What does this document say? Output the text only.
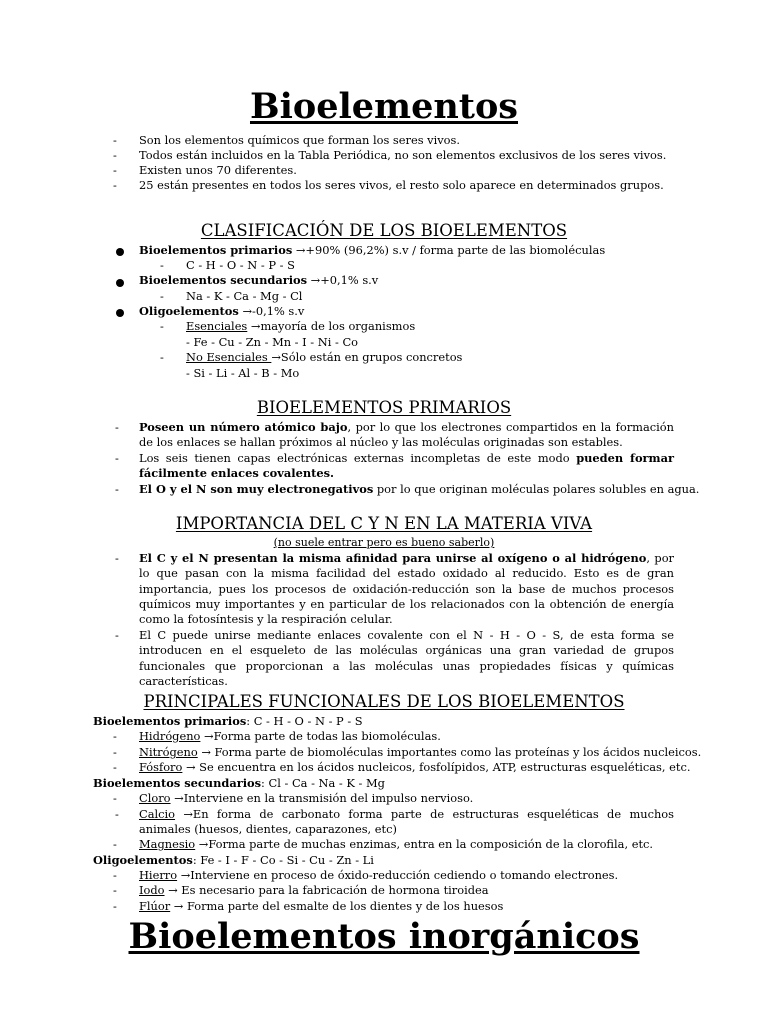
Bioelementos
- Son los elementos químicos que forman los seres vivos.
- Todos están incluidos en la Tabla Periódica, no son elementos exclusivos de los seres vivos.
- Existen unos 70 diferentes.
- 25 están presentes en todos los seres vivos, el resto solo aparece en determinados grupos.
CLASIFICACIÓN DE LOS BIOELEMENTOS
Bioelementos primarios →+90% (96,2%) s.v / forma parte de las biomoléculas
- C - H - O - N - P - S
Bioelementos secundarios →+0,1% s.v
- Na - K - Ca - Mg - Cl
Oligoelementos →-0,1% s.v
- Esenciales →mayoría de los organismos
- Fe - Cu - Zn - Mn - I - Ni - Co
- No Esenciales →Sólo están en grupos concretos
- Si - Li - Al - B - Mo
BIOELEMENTOS PRIMARIOS
- Poseen un número atómico bajo, por lo que los electrones compartidos en la formación de los enlaces se hallan próximos al núcleo y las moléculas originadas son estables.
- Los seis tienen capas electrónicas externas incompletas de este modo pueden formar fácilmente enlaces covalentes.
- El O y el N son muy electronegativos por lo que originan moléculas polares solubles en agua.
IMPORTANCIA DEL C Y N EN LA MATERIA VIVA
(no suele entrar pero es bueno saberlo)
- El C y el N presentan la misma afinidad para unirse al oxígeno o al hidrógeno, por lo que pasan con la misma facilidad del estado oxidado al reducido. Esto es de gran importancia, pues los procesos de oxidación-reducción son la base de muchos procesos químicos muy importantes y en particular de los relacionados con la obtención de energía como la fotosíntesis y la respiración celular.
- El C puede unirse mediante enlaces covalente con el N - H - O - S, de esta forma se introducen en el esqueleto de las moléculas orgánicas una gran variedad de grupos funcionales que proporcionan a las moléculas unas propiedades físicas y químicas características.
PRINCIPALES FUNCIONALES DE LOS BIOELEMENTOS
Bioelementos primarios: C - H - O - N - P - S
- Hidrógeno →Forma parte de todas las biomoléculas.
- Nitrógeno → Forma parte de biomoléculas importantes como las proteínas y los ácidos nucleicos.
- Fósforo → Se encuentra en los ácidos nucleicos, fosfolípidos, ATP, estructuras esqueléticas, etc.
Bioelementos secundarios: Cl - Ca - Na - K - Mg
- Cloro →Interviene en la transmisión del impulso nervioso.
- Calcio →En forma de carbonato forma parte de estructuras esqueléticas de muchos animales (huesos, dientes, caparazones, etc)
- Magnesio →Forma parte de muchas enzimas, entra en la composición de la clorofila, etc.
Oligoelementos: Fe - I - F - Co - Si - Cu - Zn - Li
- Hierro →Interviene en proceso de óxido-reducción cediendo o tomando electrones.
- Iodo → Es necesario para la fabricación de hormona tiroidea
- Flúor → Forma parte del esmalte de los dientes y de los huesos
Bioelementos inorgánicos
